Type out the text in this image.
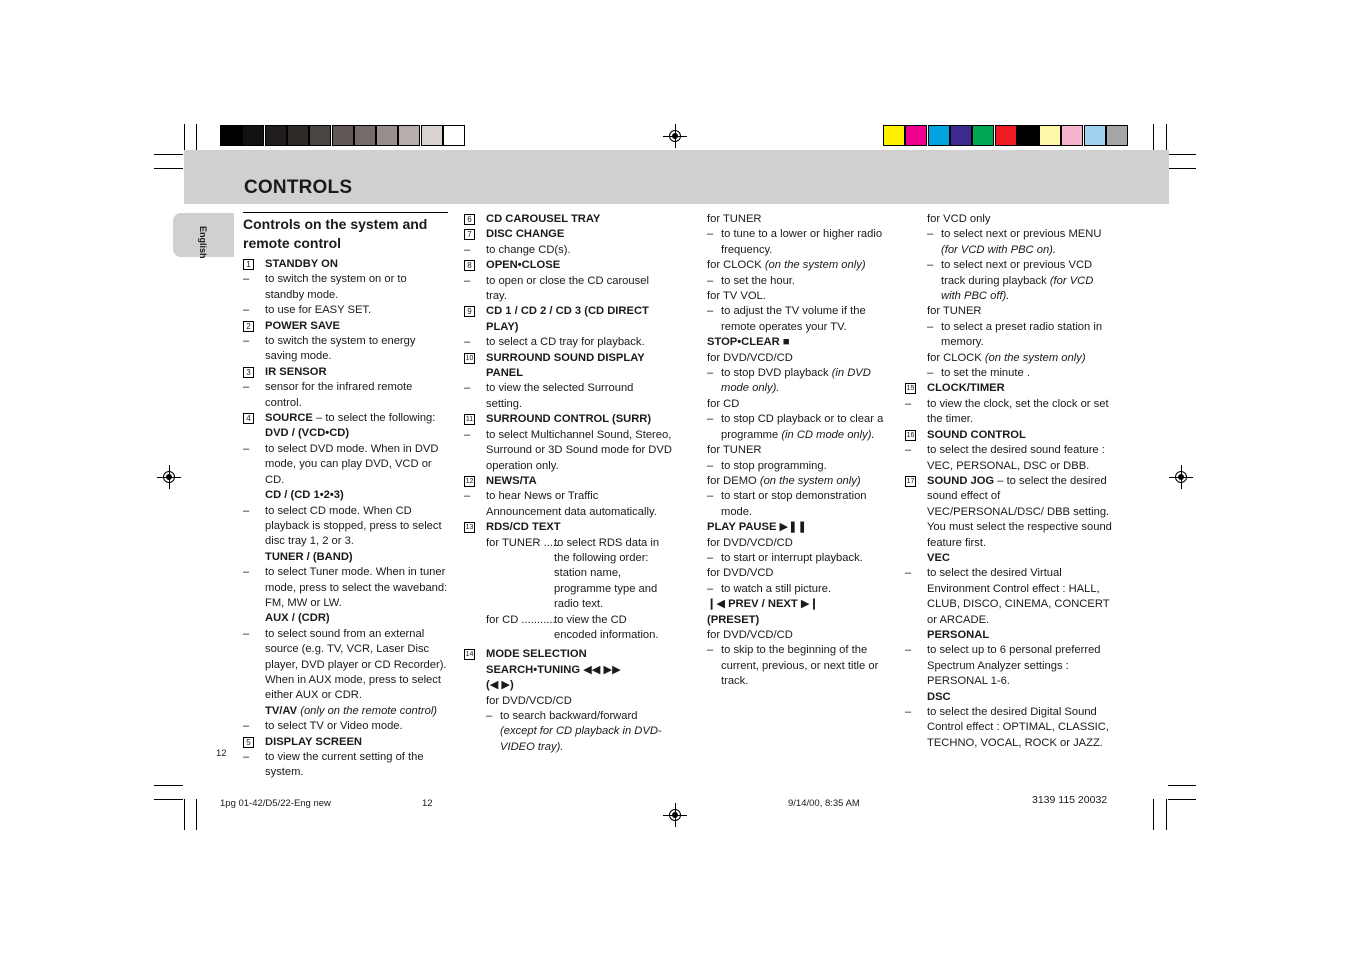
CONTROLS
English
Controls on the system and remote control
1 STANDBY ON
– to switch the system on or to standby mode.
– to use for EASY SET.
2 POWER SAVE
– to switch the system to energy saving mode.
3 IR SENSOR
– sensor for the infrared remote control.
4 SOURCE – to select the following:
DVD / (VCD•CD)
– to select DVD mode. When in DVD mode, you can play DVD, VCD or CD.
CD / (CD 1•2•3)
– to select CD mode. When CD playback is stopped, press to select disc tray 1, 2 or 3.
TUNER / (BAND)
– to select Tuner mode. When in tuner mode, press to select the waveband: FM, MW or LW.
AUX / (CDR)
– to select sound from an external source (e.g. TV, VCR, Laser Disc player, DVD player or CD Recorder). When in AUX mode, press to select either AUX or CDR.
TV/AV (only on the remote control)
– to select TV or Video mode.
5 DISPLAY SCREEN
– to view the current setting of the system.
6 CD CAROUSEL TRAY
7 DISC CHANGE
– to change CD(s).
8 OPEN•CLOSE
– to open or close the CD carousel tray.
9 CD 1 / CD 2 / CD 3 (CD DIRECT PLAY)
– to select a CD tray for playback.
10 SURROUND SOUND DISPLAY PANEL
– to view the selected Surround setting.
11 SURROUND CONTROL (SURR)
– to select Multichannel Sound, Stereo, Surround or 3D Sound mode for DVD operation only.
12 NEWS/TA
– to hear News or Traffic Announcement data automatically.
13 RDS/CD TEXT
for TUNER .....
to select RDS data in the following order: station name, programme type and radio text.
for CD ...........
to view the CD encoded information.
14 MODE SELECTION
SEARCH•TUNING ◀◀ ▶▶
(◀ ▶)
for DVD/VCD/CD
– to search backward/forward
(except for CD playback in DVD-VIDEO tray).
for TUNER
– to tune to a lower or higher radio frequency.
for CLOCK (on the system only)
– to set the hour.
for TV VOL.
– to adjust the TV volume if the remote operates your TV.
STOP•CLEAR ■
for DVD/VCD/CD
– to stop DVD playback (in DVD mode only).
for CD
– to stop CD playback or to clear a programme (in CD mode only).
for TUNER
– to stop programming.
for DEMO (on the system only)
– to start or stop demonstration mode.
PLAY PAUSE ▶❚❚
for DVD/VCD/CD
– to start or interrupt playback.
for DVD/VCD
– to watch a still picture.
❙◀ PREV / NEXT ▶❙
(PRESET)
for DVD/VCD/CD
– to skip to the beginning of the current, previous, or next title or track.
for VCD only
– to select next or previous MENU
(for VCD with PBC on).
– to select next or previous VCD track during playback (for VCD with PBC off).
for TUNER
– to select a preset radio station in memory.
for CLOCK (on the system only)
– to set the minute .
15 CLOCK/TIMER
– to view the clock, set the clock or set the timer.
16 SOUND CONTROL
– to select the desired sound feature : VEC, PERSONAL, DSC or DBB.
17 SOUND JOG – to select the desired sound effect of VEC/PERSONAL/DSC/ DBB setting. You must select the respective sound feature first.
VEC
– to select the desired Virtual Environment Control effect : HALL, CLUB, DISCO, CINEMA, CONCERT or ARCADE.
PERSONAL
– to select up to 6 personal preferred Spectrum Analyzer settings : PERSONAL 1-6.
DSC
– to select the desired Digital Sound Control effect : OPTIMAL, CLASSIC, TECHNO, VOCAL, ROCK or JAZZ.
12
1pg 01-42/D5/22-Eng new	12	9/14/00, 8:35 AM	3139 115 20032
